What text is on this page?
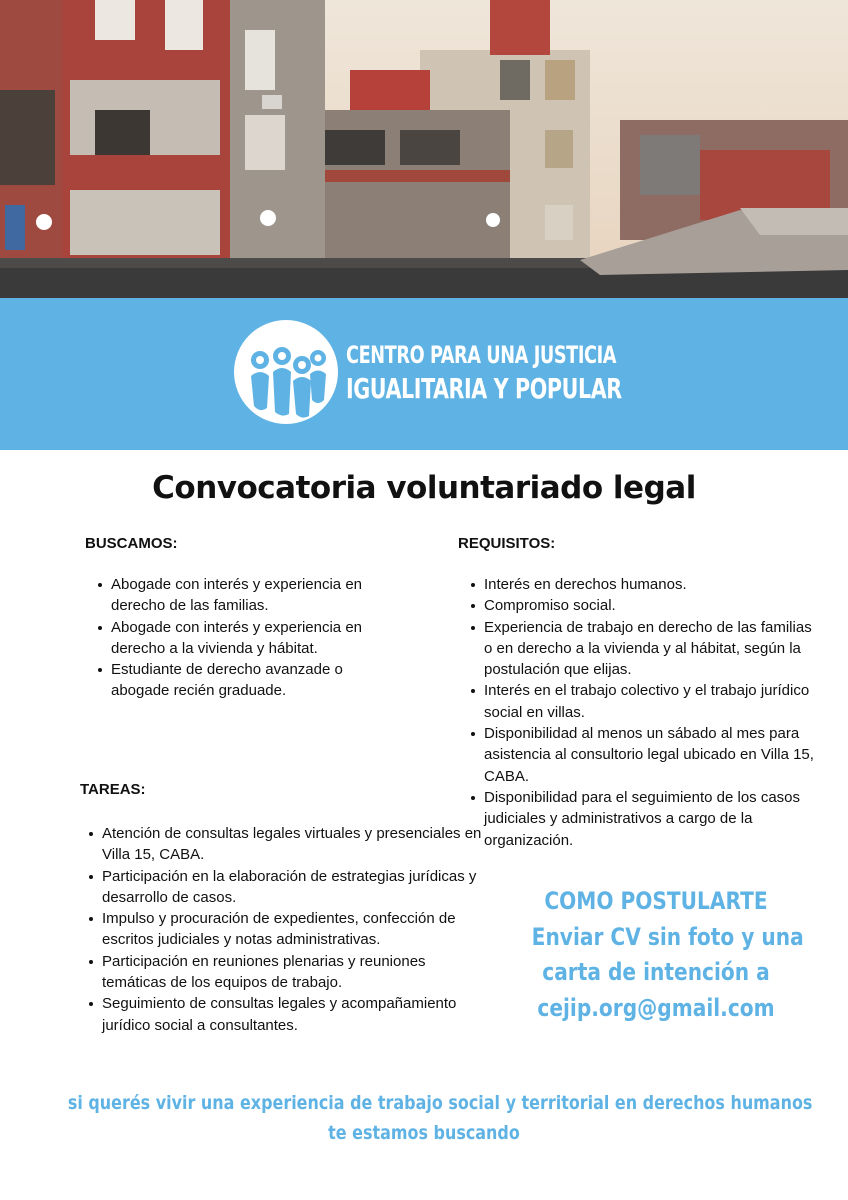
CENTRO PARA UNA JUSTICIA
IGUALITARIA Y POPULAR
Convocatoria voluntariado legal
BUSCAMOS:
Abogade con interés y experiencia en derecho de las familias.
Abogade con interés y experiencia en derecho a la vivienda y hábitat.
Estudiante de derecho avanzade o abogade recién graduade.
TAREAS:
Atención de consultas legales virtuales y presenciales en Villa 15, CABA.
Participación en la elaboración de estrategias jurídicas y desarrollo de casos.
Impulso y procuración de expedientes, confección de escritos judiciales y notas administrativas.
Participación en reuniones plenarias y reuniones temáticas de los equipos de trabajo.
Seguimiento de consultas legales y acompañamiento jurídico social a consultantes.
REQUISITOS:
Interés en derechos humanos.
Compromiso social.
Experiencia de trabajo en derecho de las familias o en derecho a la vivienda y al hábitat, según la postulación que elijas.
Interés en el trabajo colectivo y el trabajo jurídico social en villas.
Disponibilidad al menos un sábado al mes para asistencia al consultorio legal ubicado en Villa 15, CABA.
Disponibilidad para el seguimiento de los casos judiciales y administrativos a cargo de la organización.
COMO POSTULARTE
Enviar CV sin foto y una
carta de intención a
cejip.org@gmail.com
si querés vivir una experiencia de trabajo social y territorial en derechos humanos
te estamos buscando
